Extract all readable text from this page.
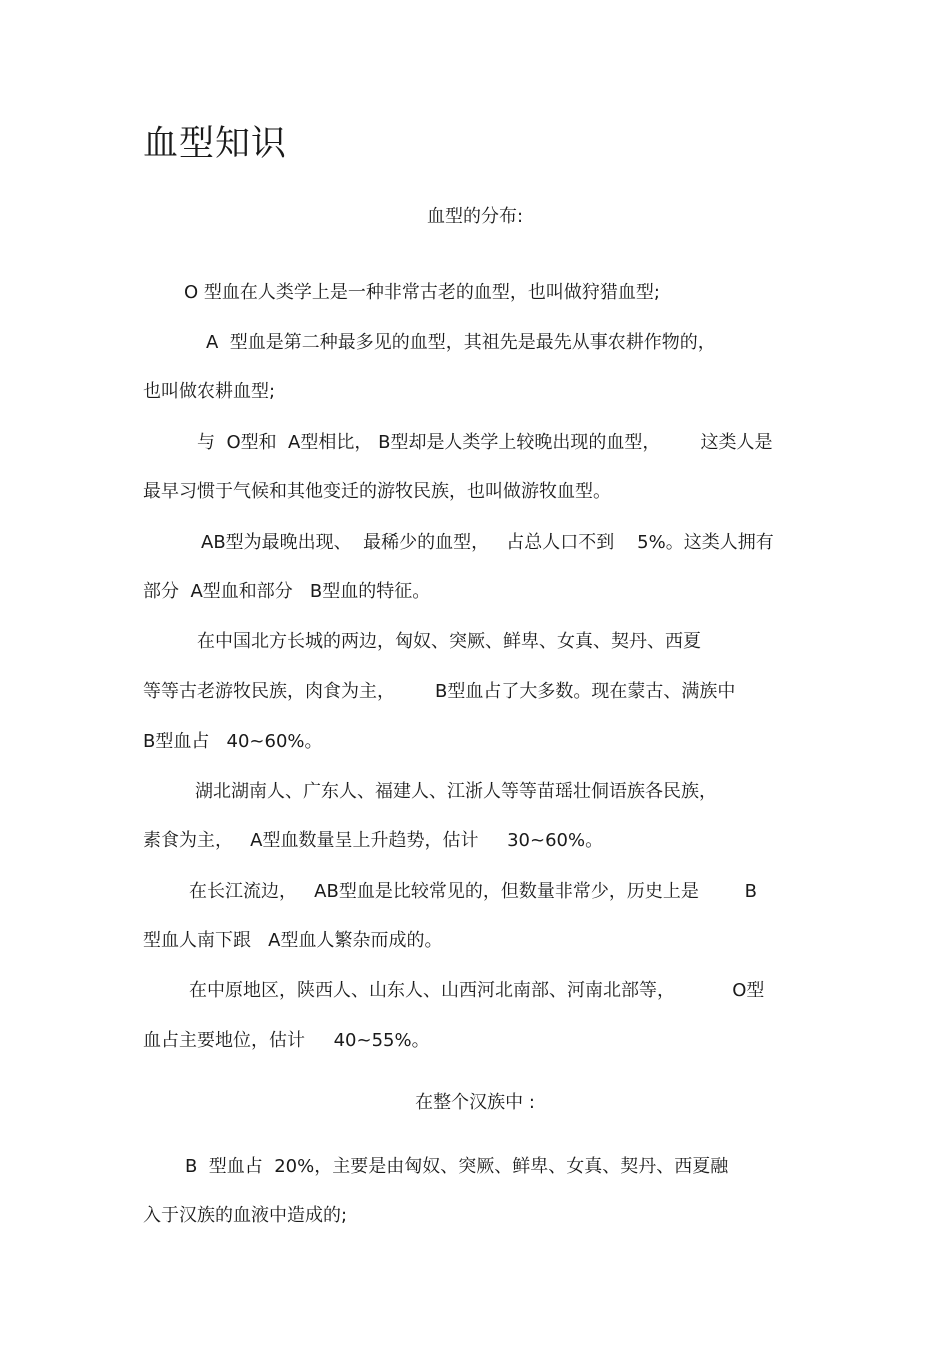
血型知识

血型的分布:

O 型血在人类学上是一种非常古老的血型，也叫做狩猎血型;

A  型血是第二种最多见的血型，其祖先是最先从事农耕作物的，

也叫做农耕血型;

与  O型和  A型相比， B型却是人类学上较晚出现的血型，       这类人是

最早习惯于气候和其他变迁的游牧民族，也叫做游牧血型。

AB型为最晚出现、  最稀少的血型，   占总人口不到    5%。这类人拥有

部分  A型血和部分   B型血的特征。

在中国北方长城的两边，匈奴、突厥、鲜卑、女真、契丹、西夏

等等古老游牧民族，肉食为主，       B型血占了大多数。现在蒙古、满族中

B型血占   40~60%。

湖北湖南人、广东人、福建人、江浙人等等苗瑶壮侗语族各民族，

素食为主，   A型血数量呈上升趋势，估计     30~60%。

在长江流边，   AB型血是比较常见的，但数量非常少，历史上是        B

型血人南下跟   A型血人繁杂而成的。

在中原地区，陕西人、山东人、山西河北南部、河南北部等，          O型

血占主要地位，估计     40~55%。

在整个汉族中 :

B  型血占  20%，主要是由匈奴、突厥、鲜卑、女真、契丹、西夏融

入于汉族的血液中造成的;
